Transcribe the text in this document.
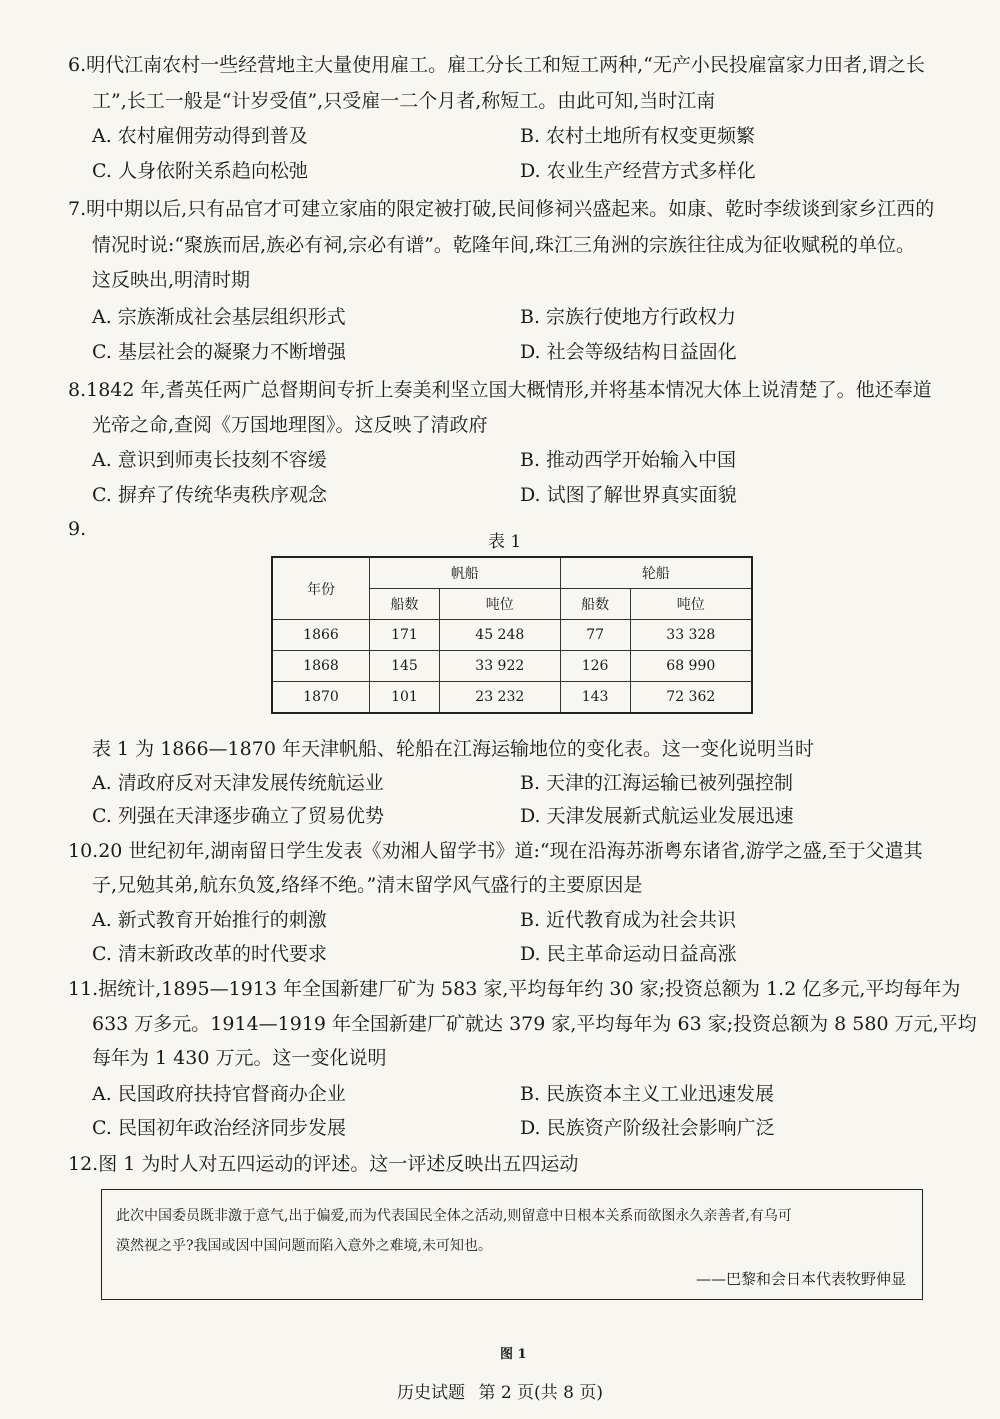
6.明代江南农村一些经营地主大量使用雇工。雇工分长工和短工两种,“无产小民投雇富家力田者,谓之长
工”,长工一般是“计岁受值”,只受雇一二个月者,称短工。由此可知,当时江南
A. 农村雇佣劳动得到普及	B. 农村土地所有权变更频繁
C. 人身依附关系趋向松弛	D. 农业生产经营方式多样化
7.明中期以后,只有品官才可建立家庙的限定被打破,民间修祠兴盛起来。如康、乾时李绂谈到家乡江西的
情况时说:“聚族而居,族必有祠,宗必有谱”。乾隆年间,珠江三角洲的宗族往往成为征收赋税的单位。
这反映出,明清时期
A. 宗族渐成社会基层组织形式	B. 宗族行使地方行政权力
C. 基层社会的凝聚力不断增强	D. 社会等级结构日益固化
8.1842 年,耆英任两广总督期间专折上奏美利坚立国大概情形,并将基本情况大体上说清楚了。他还奉道
光帝之命,查阅《万国地理图》。这反映了清政府
A. 意识到师夷长技刻不容缓	B. 推动西学开始输入中国
C. 摒弃了传统华夷秩序观念	D. 试图了解世界真实面貌
9.
表 1
年份	帆船		轮船	
	船数	吨位	船数	吨位
1866	171	45 248	77	33 328
1868	145	33 922	126	68 990
1870	101	23 232	143	72 362
表 1 为 1866—1870 年天津帆船、轮船在江海运输地位的变化表。这一变化说明当时
A. 清政府反对天津发展传统航运业	B. 天津的江海运输已被列强控制
C. 列强在天津逐步确立了贸易优势	D. 天津发展新式航运业发展迅速
10.20 世纪初年,湖南留日学生发表《劝湘人留学书》道:“现在沿海苏浙粤东诸省,游学之盛,至于父遣其
子,兄勉其弟,航东负笈,络绎不绝。”清末留学风气盛行的主要原因是
A. 新式教育开始推行的刺激	B. 近代教育成为社会共识
C. 清末新政改革的时代要求	D. 民主革命运动日益高涨
11.据统计,1895—1913 年全国新建厂矿为 583 家,平均每年约 30 家;投资总额为 1.2 亿多元,平均每年为
633 万多元。1914—1919 年全国新建厂矿就达 379 家,平均每年为 63 家;投资总额为 8 580 万元,平均
每年为 1 430 万元。这一变化说明
A. 民国政府扶持官督商办企业	B. 民族资本主义工业迅速发展
C. 民国初年政治经济同步发展	D. 民族资产阶级社会影响广泛
12.图 1 为时人对五四运动的评述。这一评述反映出五四运动
此次中国委员既非激于意气,出于偏爱,而为代表国民全体之活动,则留意中日根本关系而欲图永久亲善者,有乌可
漠然视之乎?我国或因中国问题而陷入意外之难境,未可知也。
——巴黎和会日本代表牧野伸显
图 1
历史试题 第 2 页(共 8 页)
